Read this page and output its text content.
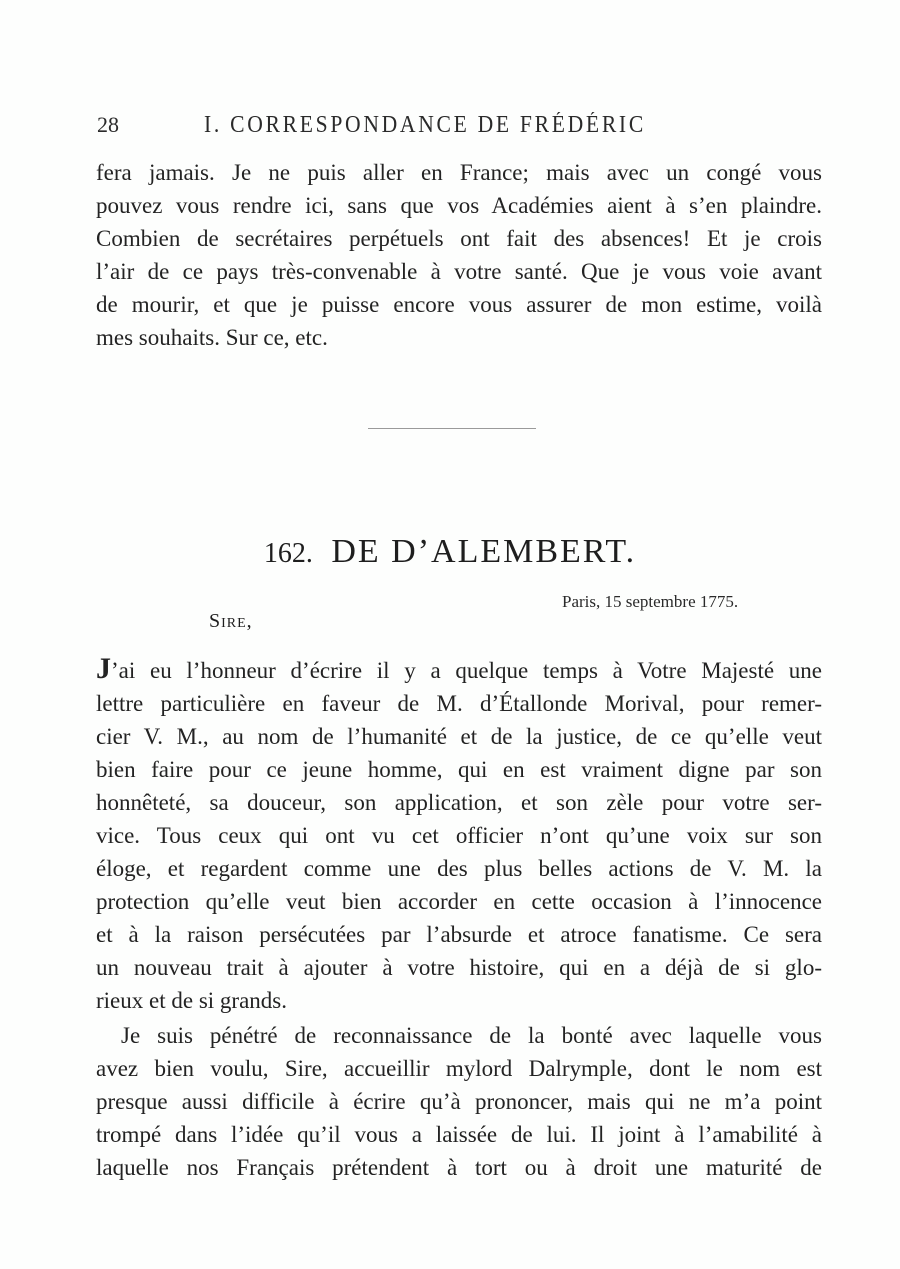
28	I. CORRESPONDANCE DE FRÉDÉRIC
fera jamais. Je ne puis aller en France; mais avec un congé vous
pouvez vous rendre ici, sans que vos Académies aient à s’en plaindre.
Combien de secrétaires perpétuels ont fait des absences! Et je crois
l’air de ce pays très-convenable à votre santé. Que je vous voie avant
de mourir, et que je puisse encore vous assurer de mon estime, voilà
mes souhaits. Sur ce, etc.
162. DE D’ALEMBERT.
Paris, 15 septembre 1775.
Sire,
J’ai eu l’honneur d’écrire il y a quelque temps à Votre Majesté une
lettre particulière en faveur de M. d’Étallonde Morival, pour remer-
cier V. M., au nom de l’humanité et de la justice, de ce qu’elle veut
bien faire pour ce jeune homme, qui en est vraiment digne par son
honnêteté, sa douceur, son application, et son zèle pour votre ser-
vice. Tous ceux qui ont vu cet officier n’ont qu’une voix sur son
éloge, et regardent comme une des plus belles actions de V. M. la
protection qu’elle veut bien accorder en cette occasion à l’innocence
et à la raison persécutées par l’absurde et atroce fanatisme. Ce sera
un nouveau trait à ajouter à votre histoire, qui en a déjà de si glo-
rieux et de si grands.
Je suis pénétré de reconnaissance de la bonté avec laquelle vous
avez bien voulu, Sire, accueillir mylord Dalrymple, dont le nom est
presque aussi difficile à écrire qu’à prononcer, mais qui ne m’a point
trompé dans l’idée qu’il vous a laissée de lui. Il joint à l’amabilité à
laquelle nos Français prétendent à tort ou à droit une maturité de
